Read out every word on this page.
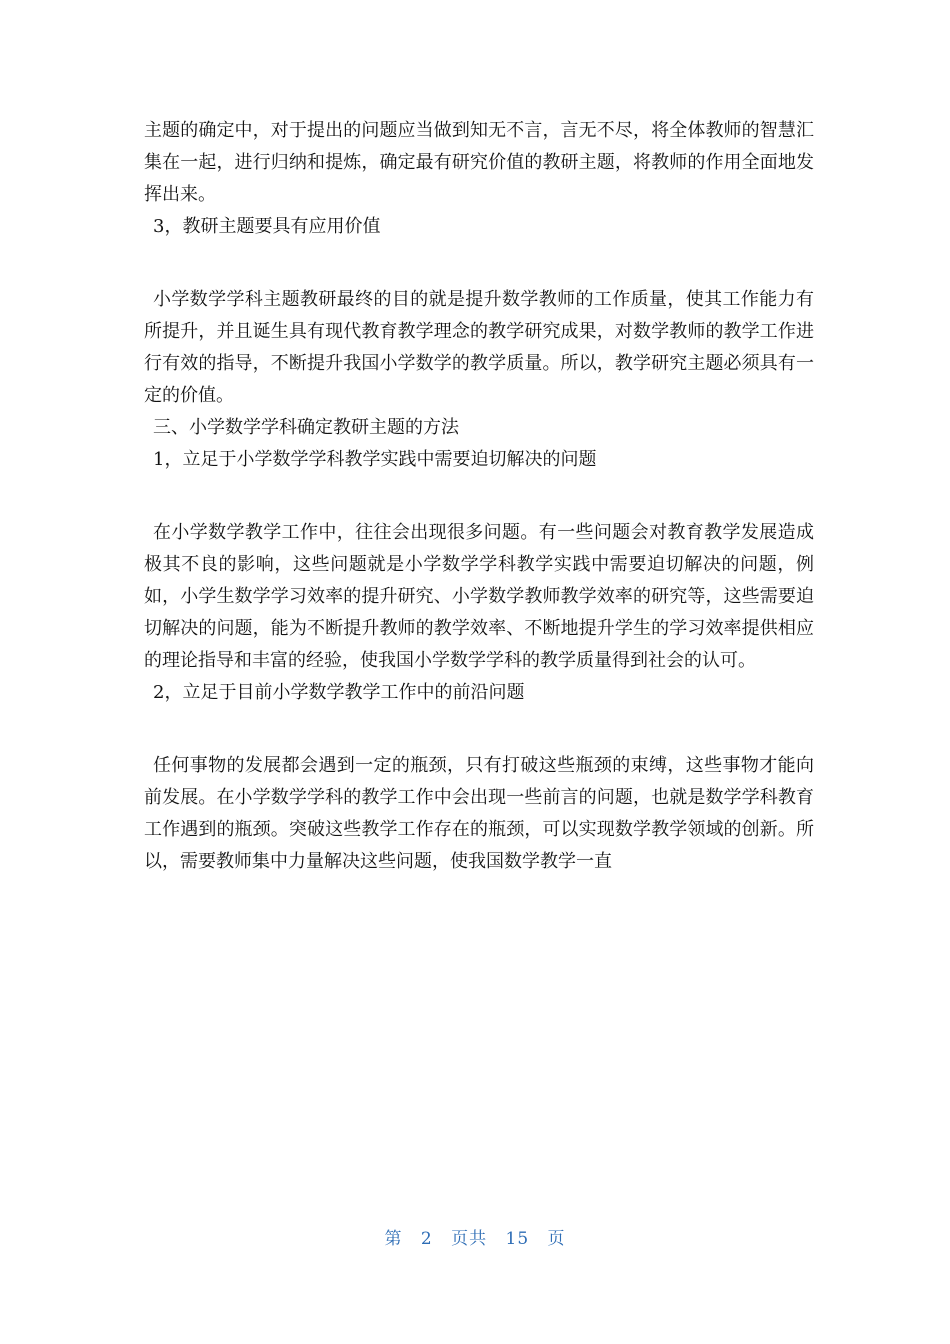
主题的确定中，对于提出的问题应当做到知无不言，言无不尽，将全体教师的智慧汇集在一起，进行归纳和提炼，确定最有研究价值的教研主题，将教师的作用全面地发挥出来。

3，教研主题要具有应用价值

小学数学学科主题教研最终的目的就是提升数学教师的工作质量，使其工作能力有所提升，并且诞生具有现代教育教学理念的教学研究成果，对数学教师的教学工作进行有效的指导，不断提升我国小学数学的教学质量。所以，教学研究主题必须具有一定的价值。

三、小学数学学科确定教研主题的方法

1，立足于小学数学学科教学实践中需要迫切解决的问题

在小学数学教学工作中，往往会出现很多问题。有一些问题会对教育教学发展造成极其不良的影响，这些问题就是小学数学学科教学实践中需要迫切解决的问题，例如，小学生数学学习效率的提升研究、小学数学教师教学效率的研究等，这些需要迫切解决的问题，能为不断提升教师的教学效率、不断地提升学生的学习效率提供相应的理论指导和丰富的经验，使我国小学数学学科的教学质量得到社会的认可。

2，立足于目前小学数学教学工作中的前沿问题

任何事物的发展都会遇到一定的瓶颈，只有打破这些瓶颈的束缚，这些事物才能向前发展。在小学数学学科的教学工作中会出现一些前言的问题，也就是数学学科教育工作遇到的瓶颈。突破这些教学工作存在的瓶颈，可以实现数学教学领域的创新。所以，需要教师集中力量解决这些问题，使我国数学教学一直

第 2 页共 15 页
